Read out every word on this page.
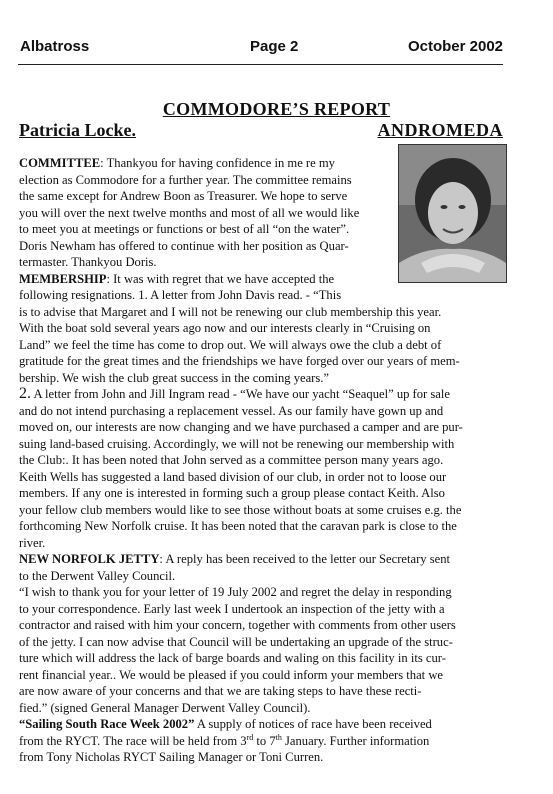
Albatross	Page 2	October 2002
COMMODORE’S REPORT
Patricia Locke.	ANDROMEDA
COMMITTEE: Thankyou for having confidence in me re my
election as Commodore for a further year. The committee remains
the same except for Andrew Boon as Treasurer. We hope to serve
you will over the next twelve months and most of all we would like
to meet you at meetings or functions or best of all “on the water”.
Doris Newham has offered to continue with her position as Quar-
termaster. Thankyou Doris.
MEMBERSHIP: It was with regret that we have accepted the
following resignations. 1. A letter from John Davis read. - “This
is to advise that Margaret and I will not be renewing our club membership this year.
With the boat sold several years ago now and our interests clearly in “Cruising on
Land” we feel the time has come to drop out. We will always owe the club a debt of
gratitude for the great times and the friendships we have forged over our years of mem-
bership. We wish the club great success in the coming years.”
2. A letter from John and Jill Ingram read - “We have our yacht “Seaquel” up for sale
and do not intend purchasing a replacement vessel. As our family have gown up and
moved on, our interests are now changing and we have purchased a camper and are pur-
suing land-based cruising. Accordingly, we will not be renewing our membership with
the Club:. It has been noted that John served as a committee person many years ago.
Keith Wells has suggested a land based division of our club, in order not to loose our
members. If any one is interested in forming such a group please contact Keith. Also
your fellow club members would like to see those without boats at some cruises e.g. the
forthcoming New Norfolk cruise. It has been noted that the caravan park is close to the
river.
NEW NORFOLK JETTY: A reply has been received to the letter our Secretary sent
to the Derwent Valley Council.
“I wish to thank you for your letter of 19 July 2002 and regret the delay in responding
to your correspondence. Early last week I undertook an inspection of the jetty with a
contractor and raised with him your concern, together with comments from other users
of the jetty. I can now advise that Council will be undertaking an upgrade of the struc-
ture which will address the lack of barge boards and waling on this facility in its cur-
rent financial year.. We would be pleased if you could inform your members that we
are now aware of your concerns and that we are taking steps to have these recti-
fied.” (signed General Manager Derwent Valley Council).
“Sailing South Race Week 2002” A supply of notices of race have been received
from the RYCT. The race will be held from 3rd to 7th January. Further information
from Tony Nicholas RYCT Sailing Manager or Toni Curren.
